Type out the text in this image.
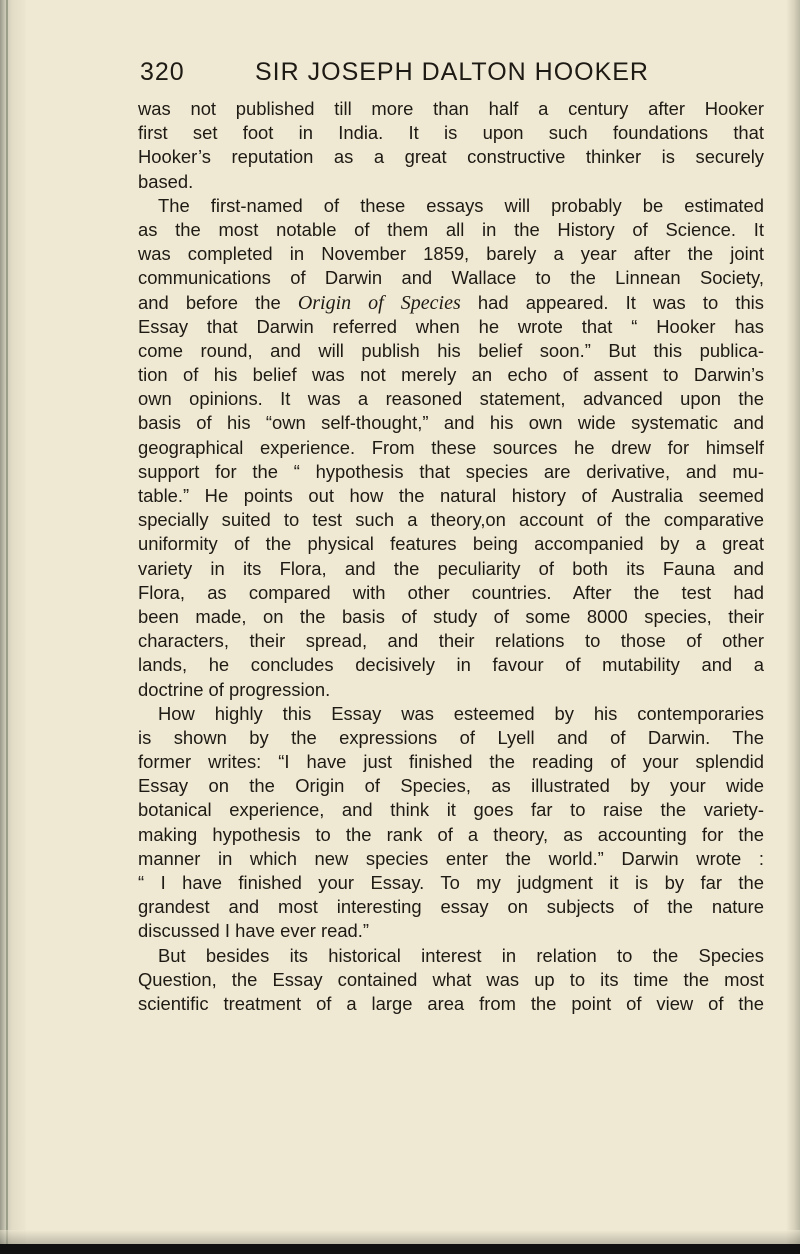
320	SIR JOSEPH DALTON HOOKER
was not published till more than half a century after Hooker
first set foot in India. It is upon such foundations that
Hooker’s reputation as a great constructive thinker is securely
based.
The first-named of these essays will probably be estimated
as the most notable of them all in the History of Science. It
was completed in November 1859, barely a year after the joint
communications of Darwin and Wallace to the Linnean Society,
and before the Origin of Species had appeared. It was to this
Essay that Darwin referred when he wrote that “ Hooker has
come round, and will publish his belief soon.” But this publica-
tion of his belief was not merely an echo of assent to Darwin’s
own opinions. It was a reasoned statement, advanced upon the
basis of his “own self-thought,” and his own wide systematic and
geographical experience. From these sources he drew for himself
support for the “ hypothesis that species are derivative, and mu-
table.” He points out how the natural history of Australia seemed
specially suited to test such a theory,on account of the comparative
uniformity of the physical features being accompanied by a great
variety in its Flora, and the peculiarity of both its Fauna and
Flora, as compared with other countries. After the test had
been made, on the basis of study of some 8000 species, their
characters, their spread, and their relations to those of other
lands, he concludes decisively in favour of mutability and a
doctrine of progression.
How highly this Essay was esteemed by his contemporaries
is shown by the expressions of Lyell and of Darwin. The
former writes: “I have just finished the reading of your splendid
Essay on the Origin of Species, as illustrated by your wide
botanical experience, and think it goes far to raise the variety-
making hypothesis to the rank of a theory, as accounting for the
manner in which new species enter the world.” Darwin wrote :
“ I have finished your Essay. To my judgment it is by far the
grandest and most interesting essay on subjects of the nature
discussed I have ever read.”
But besides its historical interest in relation to the Species
Question, the Essay contained what was up to its time the most
scientific treatment of a large area from the point of view of the
